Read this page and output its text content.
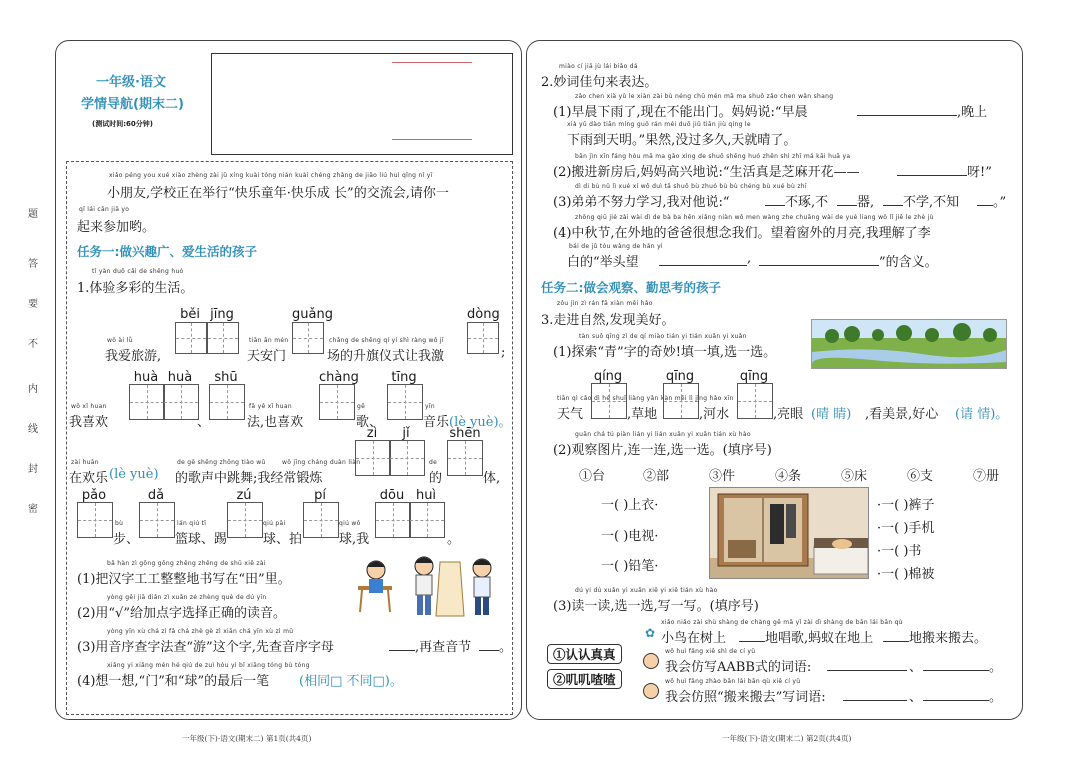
题
答
要
不
内
线
封
密
一年级·语文
学情导航(期末二)
(测试时间:60分钟)
xiǎo péng you xué xiào zhèng zài jǔ xíng kuài tóng nián kuài chéng zhǎng de jiāo liú huì qǐng nǐ yī
小朋友,学校正在举行“快乐童年·快乐成 长”的交流会,请你一
qǐ lái cān jiā yo
起来参加哟。
任务一:做兴趣广、爱生活的孩子
tǐ yàn duō cǎi de shēng huó
1.体验多彩的生活。
běi jīng	guǎng	dòng
wǒ ài lǚ	tiān ān mén	chǎng de shēng qí yí shì ràng wǒ jī
我爱旅游,	天安门	场的升旗仪式让我激	;
huà huà	shū	chàng	tīng
wǒ xǐ huan	fǎ yě xǐ huan	gē	yīn
我喜欢	、	法,也喜欢	歌、	音乐 (lè yuè)。
zì	jǐ	shēn
zài huān	de gē shēng zhōng tiào wǔ	wǒ jīng cháng duàn liàn	de
在欢乐 (lè yuè) 的歌声中跳舞;我经常锻炼	的	体,
pǎo	dǎ	zú	pí	dōu huì
bù	lán qiú tī	qiú pāi	qiú wǒ
步、	篮球、踢	球、拍	球,我	。
bǎ hàn zì gōng gōng zhěng zhěng de shū xiě zài
(1)把汉字工工整整地书写在“田”里。
yòng gěi jiā diǎn zì xuǎn zé zhèng què de dú yīn
(2)用“√”给加点字选择正确的读音。
yòng yīn xù chá zì fǎ chá zhè gè zì xiān chá yīn xù zì mǔ
(3)用音序查字法查“游”这个字,先查音序字母	,再查音节 。
xiǎng yi xiǎng mén hé qiú de zuì hòu yì bǐ xiāng tóng bù tóng
(4)想一想,“门”和“球”的最后一笔 (相同□ 不同□)。
一年级(下)·语文(期末二) 第1页(共4页)
miào cí jiā jù lái biǎo dá
2.妙词佳句来表达。
zǎo chen xià yǔ le xiàn zài bù néng chū mén mā ma shuō zǎo chen wǎn shang
(1)早晨下雨了,现在不能出门。妈妈说:“早晨	,晚上
xià yǔ dào tiān míng guǒ rán méi duō jiǔ tiān jiù qíng le
下雨到天明。”果然,没过多久,天就晴了。
bān jìn xīn fáng hòu mā ma gāo xìng de shuō shēng huó zhēn shì zhī má kāi huā ya
(2)搬进新房后,妈妈高兴地说:“生活真是芝麻开花——	呀!”
dì di bù nǔ lì xué xí wǒ duì tā shuō bù zhuó bù bù chéng bù xué bù zhī
(3)弟弟不努力学习,我对他说:“	不琢,不 器, 不学,不知	。”
zhōng qiū jié zài wài dì de bà ba hěn xiǎng niàn wǒ men wàng zhe chuāng wài de yuè liang wǒ lǐ jiě le zhè jù
(4)中秋节,在外地的爸爸很想念我们。望着窗外的月亮,我理解了李
bái de jǔ tóu wàng de hán yì
白的“举头望	,	”的含义。
任务二:做会观察、勤思考的孩子
zǒu jìn zì rán fā xiàn měi hǎo
3.走进自然,发现美好。
tàn suǒ qīng zì de qí miào tián yi tián xuǎn yi xuǎn
(1)探索“青”字的奇妙!填一填,选一选。
qíng	qīng	qīng
tiān qì cǎo dì hé shuǐ liàng yǎn kàn měi lì jǐng hǎo xīn
天气	,草地	,河水	,亮眼 (晴 睛) ,看美景,好心 (请 情)。
guān chá tú piàn lián yi lián xuǎn yi xuǎn tián xù hào
(2)观察图片,连一连,选一选。(填序号)
①台	②部	③件	④条	⑤床	⑥支	⑦册
一( )上衣·
一( )电视·
一( )铅笔·
·一( )裤子
·一( )手机
·一( )书
·一( )棉被
dú yi dú xuǎn yi xuǎn xiě yi xiě tián xù hào
(3)读一读,选一选,写一写。(填序号)
①认认真真
②叽叽喳喳
✿
xiǎo niǎo zài shù shàng de chàng gē mǎ yǐ zài dì shàng de bān lái bān qù
小鸟在树上	地唱歌,蚂蚁在地上	地搬来搬去。
wǒ huì fǎng xiě shì de cí yǔ
我会仿写AABB式的词语:	、	。
wǒ huì fǎng zhào bān lái bān qù xiě cí yǔ
我会仿照“搬来搬去”写词语:	、	。
一年级(下)·语文(期末二) 第2页(共4页)
